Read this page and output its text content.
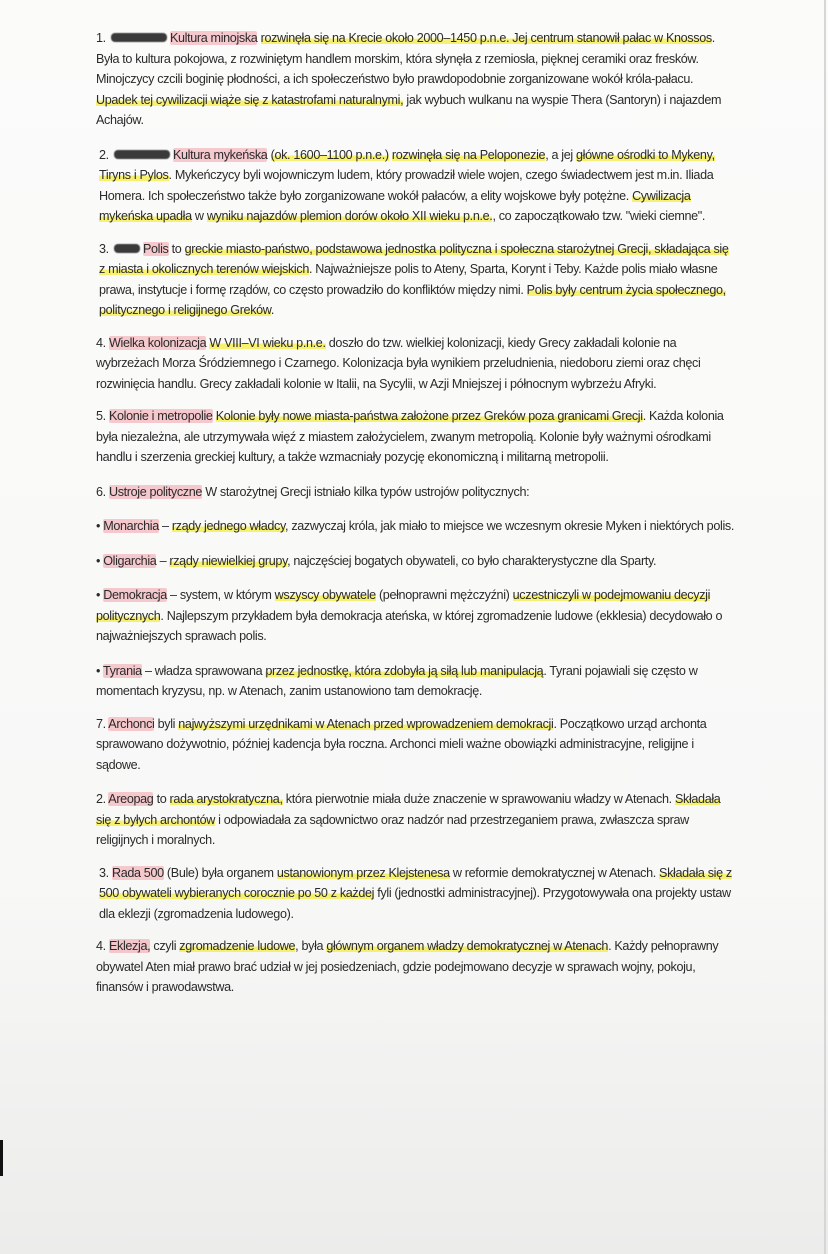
1.	Kultura minojska rozwinęła się na Krecie około 2000–1450 p.n.e. Jej centrum stanowił pałac w Knossos. Była to kultura pokojowa, z rozwiniętym handlem morskim, która słynęła z rzemiosła, pięknej ceramiki oraz fresków. Minojczycy czcili boginię płodności, a ich społeczeństwo było prawdopodobnie zorganizowane wokół króla-pałacu. Upadek tej cywilizacji wiąże się z katastrofami naturalnymi, jak wybuch wulkanu na wyspie Thera (Santoryn) i najazdem Achajów.

2.	Kultura mykeńska (ok. 1600–1100 p.n.e.) rozwinęła się na Peloponezie, a jej główne ośrodki to Mykeny, Tiryns i Pylos. Mykeńczycy byli wojowniczym ludem, który prowadził wiele wojen, czego świadectwem jest m.in. Iliada Homera. Ich społeczeństwo także było zorganizowane wokół pałaców, a elity wojskowe były potężne. Cywilizacja mykeńska upadła w wyniku najazdów plemion dorów około XII wieku p.n.e., co zapoczątkowało tzw. "wieki ciemne".

3. Polis to greckie miasto-państwo, podstawowa jednostka polityczna i społeczna starożytnej Grecji, składająca się z miasta i okolicznych terenów wiejskich. Najważniejsze polis to Ateny, Sparta, Korynt i Teby. Każde polis miało własne prawa, instytucje i formę rządów, co często prowadziło do konfliktów między nimi. Polis były centrum życia społecznego, politycznego i religijnego Greków.

4. Wielka kolonizacja W VIII–VI wieku p.n.e. doszło do tzw. wielkiej kolonizacji, kiedy Grecy zakładali kolonie na wybrzeżach Morza Śródziemnego i Czarnego. Kolonizacja była wynikiem przeludnienia, niedoboru ziemi oraz chęci rozwinięcia handlu. Grecy zakładali kolonie w Italii, na Sycylii, w Azji Mniejszej i północnym wybrzeżu Afryki.

5. Kolonie i metropolie Kolonie były nowe miasta-państwa założone przez Greków poza granicami Grecji. Każda kolonia była niezależna, ale utrzymywała więź z miastem założycielem, zwanym metropolią. Kolonie były ważnymi ośrodkami handlu i szerzenia greckiej kultury, a także wzmacniały pozycję ekonomiczną i militarną metropolii.

6. Ustroje polityczne W starożytnej Grecji istniało kilka typów ustrojów politycznych:

• Monarchia – rządy jednego władcy, zazwyczaj króla, jak miało to miejsce we wczesnym okresie Myken i niektórych polis.

• Oligarchia – rządy niewielkiej grupy, najczęściej bogatych obywateli, co było charakterystyczne dla Sparty.

• Demokracja – system, w którym wszyscy obywatele (pełnoprawni mężczyźni) uczestniczyli w podejmowaniu decyzji politycznych. Najlepszym przykładem była demokracja ateńska, w której zgromadzenie ludowe (ekklesia) decydowało o najważniejszych sprawach polis.

• Tyrania – władza sprawowana przez jednostkę, która zdobyła ją siłą lub manipulacją. Tyrani pojawiali się często w momentach kryzysu, np. w Atenach, zanim ustanowiono tam demokrację.

7. Archonci byli najwyższymi urzędnikami w Atenach przed wprowadzeniem demokracji. Początkowo urząd archonta sprawowano dożywotnio, później kadencja była roczna. Archonci mieli ważne obowiązki administracyjne, religijne i sądowe.

2. Areopag to rada arystokratyczna, która pierwotnie miała duże znaczenie w sprawowaniu władzy w Atenach. Składała się z byłych archontów i odpowiadała za sądownictwo oraz nadzór nad przestrzeganiem prawa, zwłaszcza spraw religijnych i moralnych.

3. Rada 500 (Bule) była organem ustanowionym przez Klejstenesa w reformie demokratycznej w Atenach. Składała się z 500 obywateli wybieranych corocznie po 50 z każdej fyli (jednostki administracyjnej). Przygotowywała ona projekty ustaw dla eklezji (zgromadzenia ludowego).

4. Eklezja, czyli zgromadzenie ludowe, była głównym organem władzy demokratycznej w Atenach. Każdy pełnoprawny obywatel Aten miał prawo brać udział w jej posiedzeniach, gdzie podejmowano decyzje w sprawach wojny, pokoju, finansów i prawodawstwa.
